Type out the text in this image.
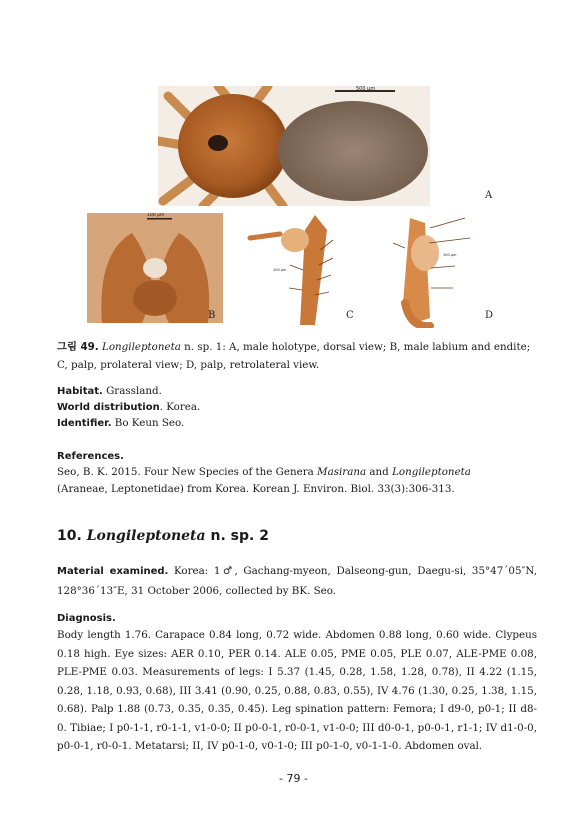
500 µm
A
100 µm
B
100 µm
C
100 µm
D
그림 49. Longileptoneta n. sp. 1: A, male holotype, dorsal view; B, male labium and endite; C, palp, prolateral view; D, palp, retrolateral view.
Habitat. Grassland.
World distribution. Korea.
Identifier. Bo Keun Seo.
References.
Seo, B. K. 2015. Four New Species of the Genera Masirana and Longileptoneta
(Araneae, Leptonetidae) from Korea. Korean J. Environ. Biol. 33(3):306-313.
10. Longileptoneta n. sp. 2
Material examined. Korea: 1♂, Gachang-myeon, Dalseong-gun, Daegu-si, 35°47´05″N, 128°36´13″E, 31 October 2006, collected by BK. Seo.
Diagnosis.
Body length 1.76. Carapace 0.84 long, 0.72 wide. Abdomen 0.88 long, 0.60 wide. Clypeus 0.18 high. Eye sizes: AER 0.10, PER 0.14. ALE 0.05, PME 0.05, PLE 0.07, ALE-PME 0.08, PLE-PME 0.03. Measurements of legs: I 5.37 (1.45, 0.28, 1.58, 1.28, 0.78), II 4.22 (1.15, 0.28, 1.18, 0.93, 0.68), III 3.41 (0.90, 0.25, 0.88, 0.83, 0.55), IV 4.76 (1.30, 0.25, 1.38, 1.15, 0.68). Palp 1.88 (0.73, 0.35, 0.35, 0.45). Leg spination pattern: Femora; I d9-0, p0-1; II d8-0. Tibiae; I p0-1-1, r0-1-1, v1-0-0; II p0-0-1, r0-0-1, v1-0-0; III d0-0-1, p0-0-1, r1-1; IV d1-0-0, p0-0-1, r0-0-1. Metatarsi; II, IV p0-1-0, v0-1-0; III p0-1-0, v0-1-1-0. Abdomen oval.
- 79 -
